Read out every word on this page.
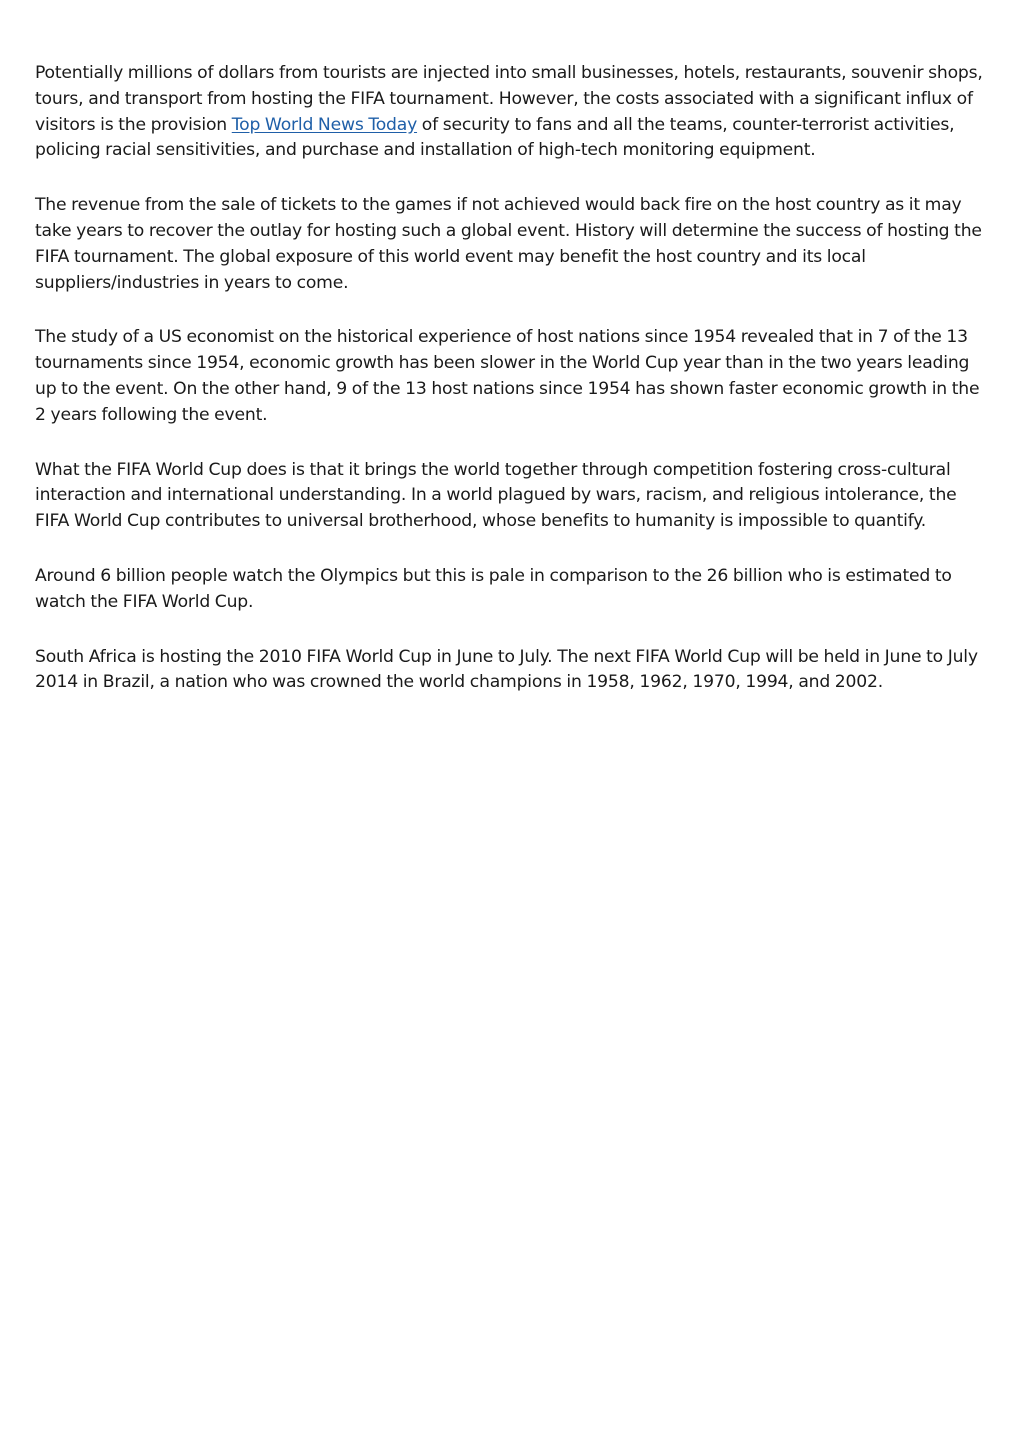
Potentially millions of dollars from tourists are injected into small businesses, hotels, restaurants, souvenir shops, tours, and transport from hosting the FIFA tournament. However, the costs associated with a significant influx of visitors is the provision Top World News Today of security to fans and all the teams, counter-terrorist activities, policing racial sensitivities, and purchase and installation of high-tech monitoring equipment.

The revenue from the sale of tickets to the games if not achieved would back fire on the host country as it may take years to recover the outlay for hosting such a global event. History will determine the success of hosting the FIFA tournament. The global exposure of this world event may benefit the host country and its local suppliers/industries in years to come.

The study of a US economist on the historical experience of host nations since 1954 revealed that in 7 of the 13 tournaments since 1954, economic growth has been slower in the World Cup year than in the two years leading up to the event. On the other hand, 9 of the 13 host nations since 1954 has shown faster economic growth in the 2 years following the event.

What the FIFA World Cup does is that it brings the world together through competition fostering cross-cultural interaction and international understanding. In a world plagued by wars, racism, and religious intolerance, the FIFA World Cup contributes to universal brotherhood, whose benefits to humanity is impossible to quantify.

Around 6 billion people watch the Olympics but this is pale in comparison to the 26 billion who is estimated to watch the FIFA World Cup.

South Africa is hosting the 2010 FIFA World Cup in June to July. The next FIFA World Cup will be held in June to July 2014 in Brazil, a nation who was crowned the world champions in 1958, 1962, 1970, 1994, and 2002.
